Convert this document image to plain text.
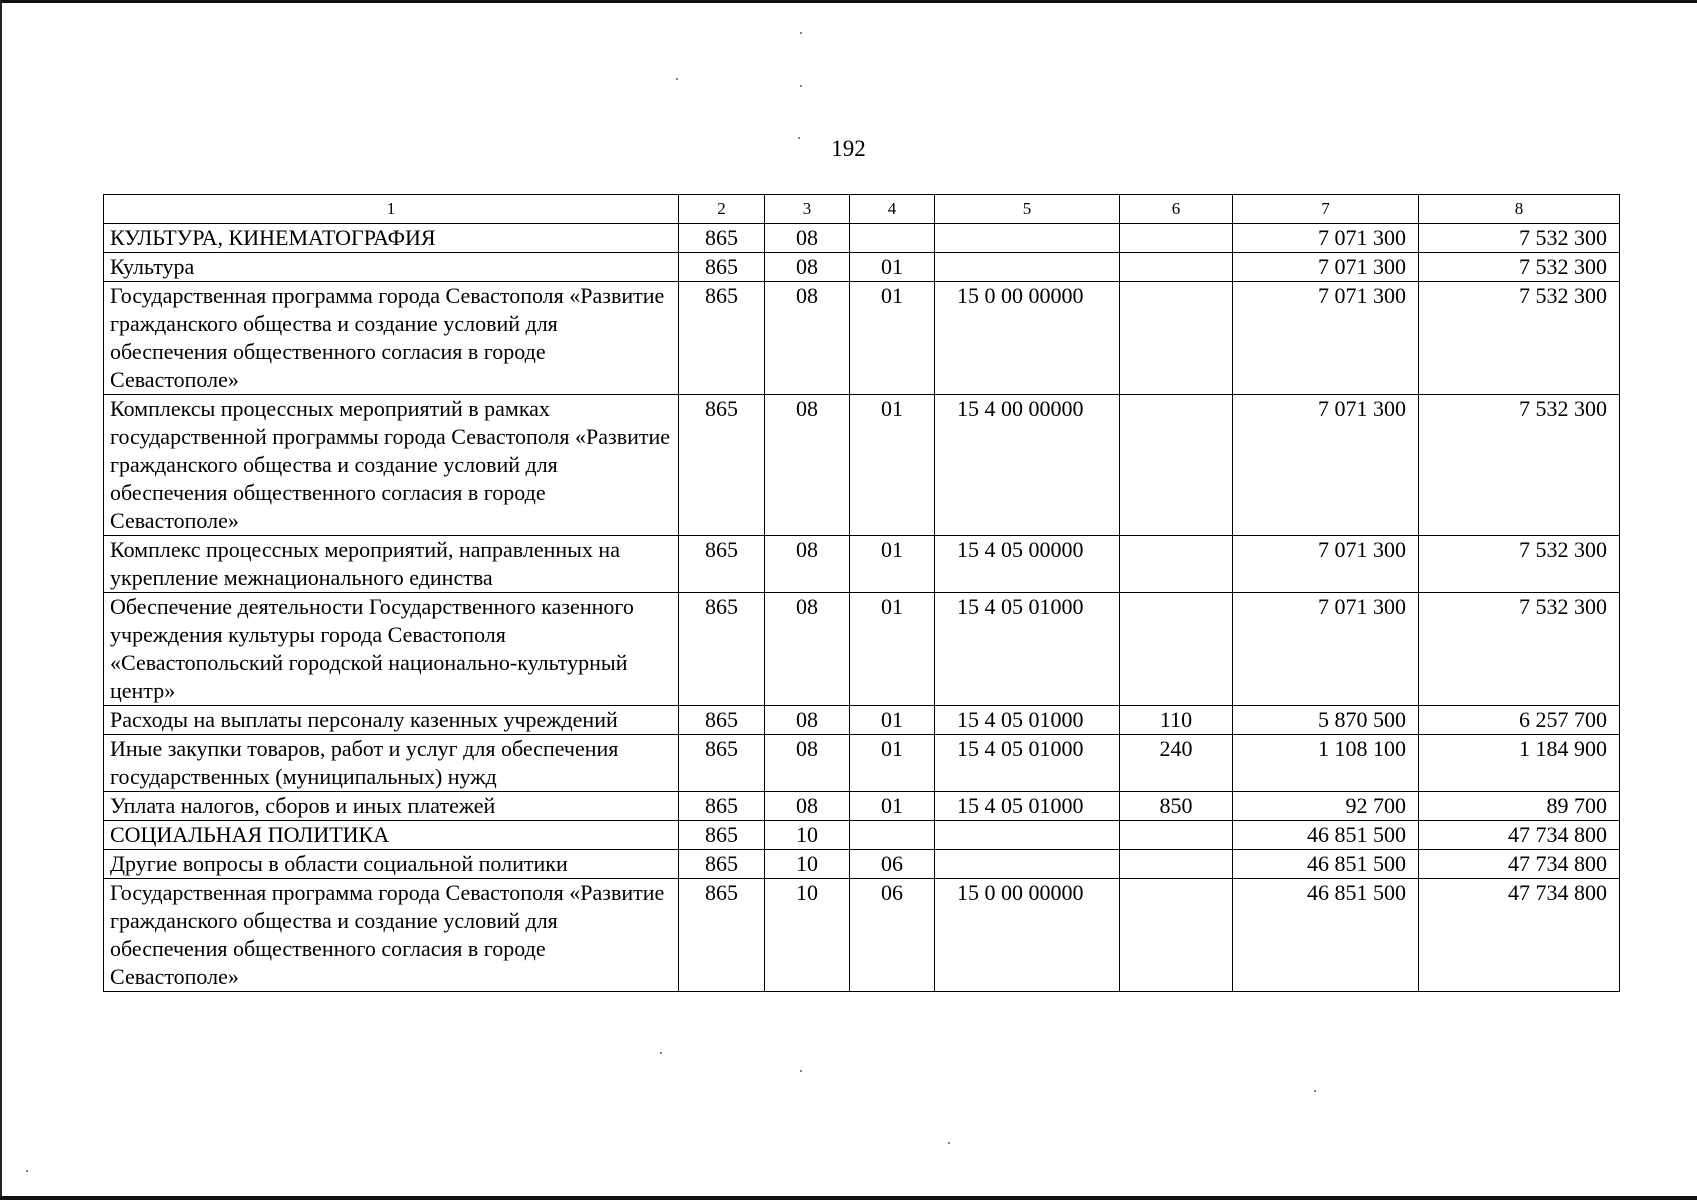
192
1	2	3	4	5	6	7	8
КУЛЬТУРА, КИНЕМАТОГРАФИЯ	865	08				7 071 300	7 532 300
Культура	865	08	01			7 071 300	7 532 300
Государственная программа города Севастополя «Развитие гражданского общества и создание условий для обеспечения общественного согласия в городе Севастополе»	865	08	01	15 0 00 00000		7 071 300	7 532 300
Комплексы процессных мероприятий в рамках государственной программы города Севастополя «Развитие гражданского общества и создание условий для обеспечения общественного согласия в городе Севастополе»	865	08	01	15 4 00 00000		7 071 300	7 532 300
Комплекс процессных мероприятий, направленных на укрепление межнационального единства	865	08	01	15 4 05 00000		7 071 300	7 532 300
Обеспечение деятельности Государственного казенного учреждения культуры города Севастополя «Севастопольский городской национально-культурный центр»	865	08	01	15 4 05 01000		7 071 300	7 532 300
Расходы на выплаты персоналу казенных учреждений	865	08	01	15 4 05 01000	110	5 870 500	6 257 700
Иные закупки товаров, работ и услуг для обеспечения государственных (муниципальных) нужд	865	08	01	15 4 05 01000	240	1 108 100	1 184 900
Уплата налогов, сборов и иных платежей	865	08	01	15 4 05 01000	850	92 700	89 700
СОЦИАЛЬНАЯ ПОЛИТИКА	865	10				46 851 500	47 734 800
Другие вопросы в области социальной политики	865	10	06			46 851 500	47 734 800
Государственная программа города Севастополя «Развитие гражданского общества и создание условий для обеспечения общественного согласия в городе Севастополе»	865	10	06	15 0 00 00000		46 851 500	47 734 800
